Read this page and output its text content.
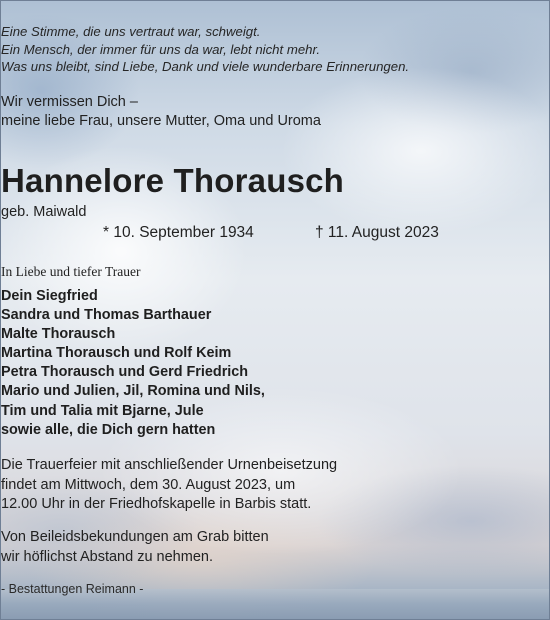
Eine Stimme, die uns vertraut war, schweigt.

Ein Mensch, der immer für uns da war, lebt nicht mehr.

Was uns bleibt, sind Liebe, Dank und viele wunderbare Erinnerungen.

Wir vermissen Dich –

meine liebe Frau, unsere Mutter, Oma und Uroma

Hannelore Thorausch
geb. Maiwald
* 10. September 1934	† 11. August 2023
In Liebe und tiefer Trauer

Dein Siegfried

Sandra und Thomas Barthauer

Malte Thorausch

Martina Thorausch und Rolf Keim

Petra Thorausch und Gerd Friedrich

Mario und Julien, Jil, Romina und Nils,

Tim und Talia mit Bjarne, Jule

sowie alle, die Dich gern hatten

Die Trauerfeier mit anschließender Urnenbeisetzung

findet am Mittwoch, dem 30. August 2023, um

12.00 Uhr in der Friedhofskapelle in Barbis statt.

Von Beileidsbekundungen am Grab bitten

wir höflichst Abstand zu nehmen.

- Bestattungen Reimann -
